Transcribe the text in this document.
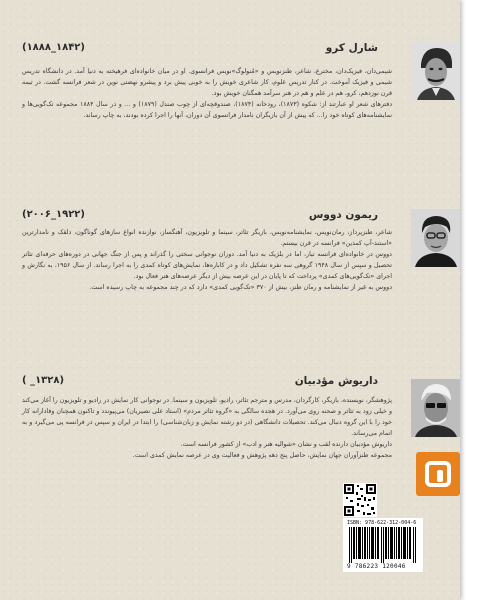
شارل کرو
(۱۸۴۲_۱۸۸۸)

شیمی‌دان، فیزیک‌دان، مخترع، شاعر، طنزنویس و «مُنولوگ»‌نویس فرانسوی. او در میان خانواده‌ای فرهیخته به دنیا آمد. در دانشگاه تدریس شیمی و فیزیک آموخت. در کنار تدریس علوم، کار شاعری خویش را به خوبی پیش برد و پیشرو نهضتی نوین در شعر فرانسه گشت. در تیمه قرن نوزدهم، کرو، هم در علم و هم در هنر سرآمد همگنان خویش بود.

دفترهای شعر او عبارتند از: شکوه (۱۸۷۳)، رودخانه (۱۸۷۴)، صندوقچه‌ای از چوب صندل (۱۸۷۹) و ... و در سال ۱۸۸۴ مجموعه تک‌گویی‌ها و نمایشنامه‌های کوتاه خود را... که پیش از آن بازیگران نامدار فرانسوی آن دوران، آنها را اجرا کرده بودند، به چاپ رساند.

ریمون دووس
(۱۹۲۲_۲۰۰۶)

شاعر، طنزپرداز، رمان‌نویس، نمایشنامه‌نویس، بازیگر تئاتر، سینما و تلویزیون، آهنگساز، نوازنده انواع سازهای گوناگون، دلقک و نامدارترین «استند-آپ کمدین» فرانسه در قرن بیستم.

دووس در خانواده‌ای فرانسه تبار، اما در بلژیک به دنیا آمد. دوران نوجوانی سختی را گذراند و پس از جنگ جهانی در دوره‌های حرفه‌ای تئاتر تحصیل و سپس از سال ۱۹۴۸ گروهی سه نفره تشکیل داد و در کاباره‌ها، نمایش‌های کوتاه کمدی را به اجرا رساند. از سال ۱۹۵۶، به نگارش و اجرای «تک‌گویی‌های کمدی» پرداخت که تا پایان در این عرصه بیش از دیگر عرصه‌های هنر فعال بود.

دووس به غیر از نمایشنامه و رمان طنز، بیش از ۳۷۰ «تک‌گویی کمدی» دارد که در چند مجموعه به چاپ رسیده است.

داریوش مؤدبیان
(۱۳۲۸_ )

پژوهشگر، نویسنده، بازیگر، کارگردان، مدرس و مترجم تئاتر، رادیو، تلویزیون و سینما. در نوجوانی کار نمایش در رادیو و تلویزیون را آغاز می‌کند و خیلی زود به تئاتر و صحنه روی می‌آورد. در هجده سالگی به «گروه تئاتر مردم» (استاد علی نصیریان) می‌پیوندد و تاکنون همچنان وفادارانه کار خود را با این گروه دنبال می‌کند. تحصیلات دانشگاهی (در دو رشته نمایش و زبان‌شناسی) را ابتدا در ایران و سپس در فرانسه پی می‌گیرد و به اتمام می‌رساند.

داریوش مؤدبیان دارنده لقب و نشان «شوالیه هنر و ادب» از کشور فرانسه است.

مجموعه طنزآوران جهان نمایش، حاصل پنج دهه پژوهش و فعالیت وی در عرصه نمایش کمدی است.

ISBN: 978-622-312-004-6
9 786223 120046
